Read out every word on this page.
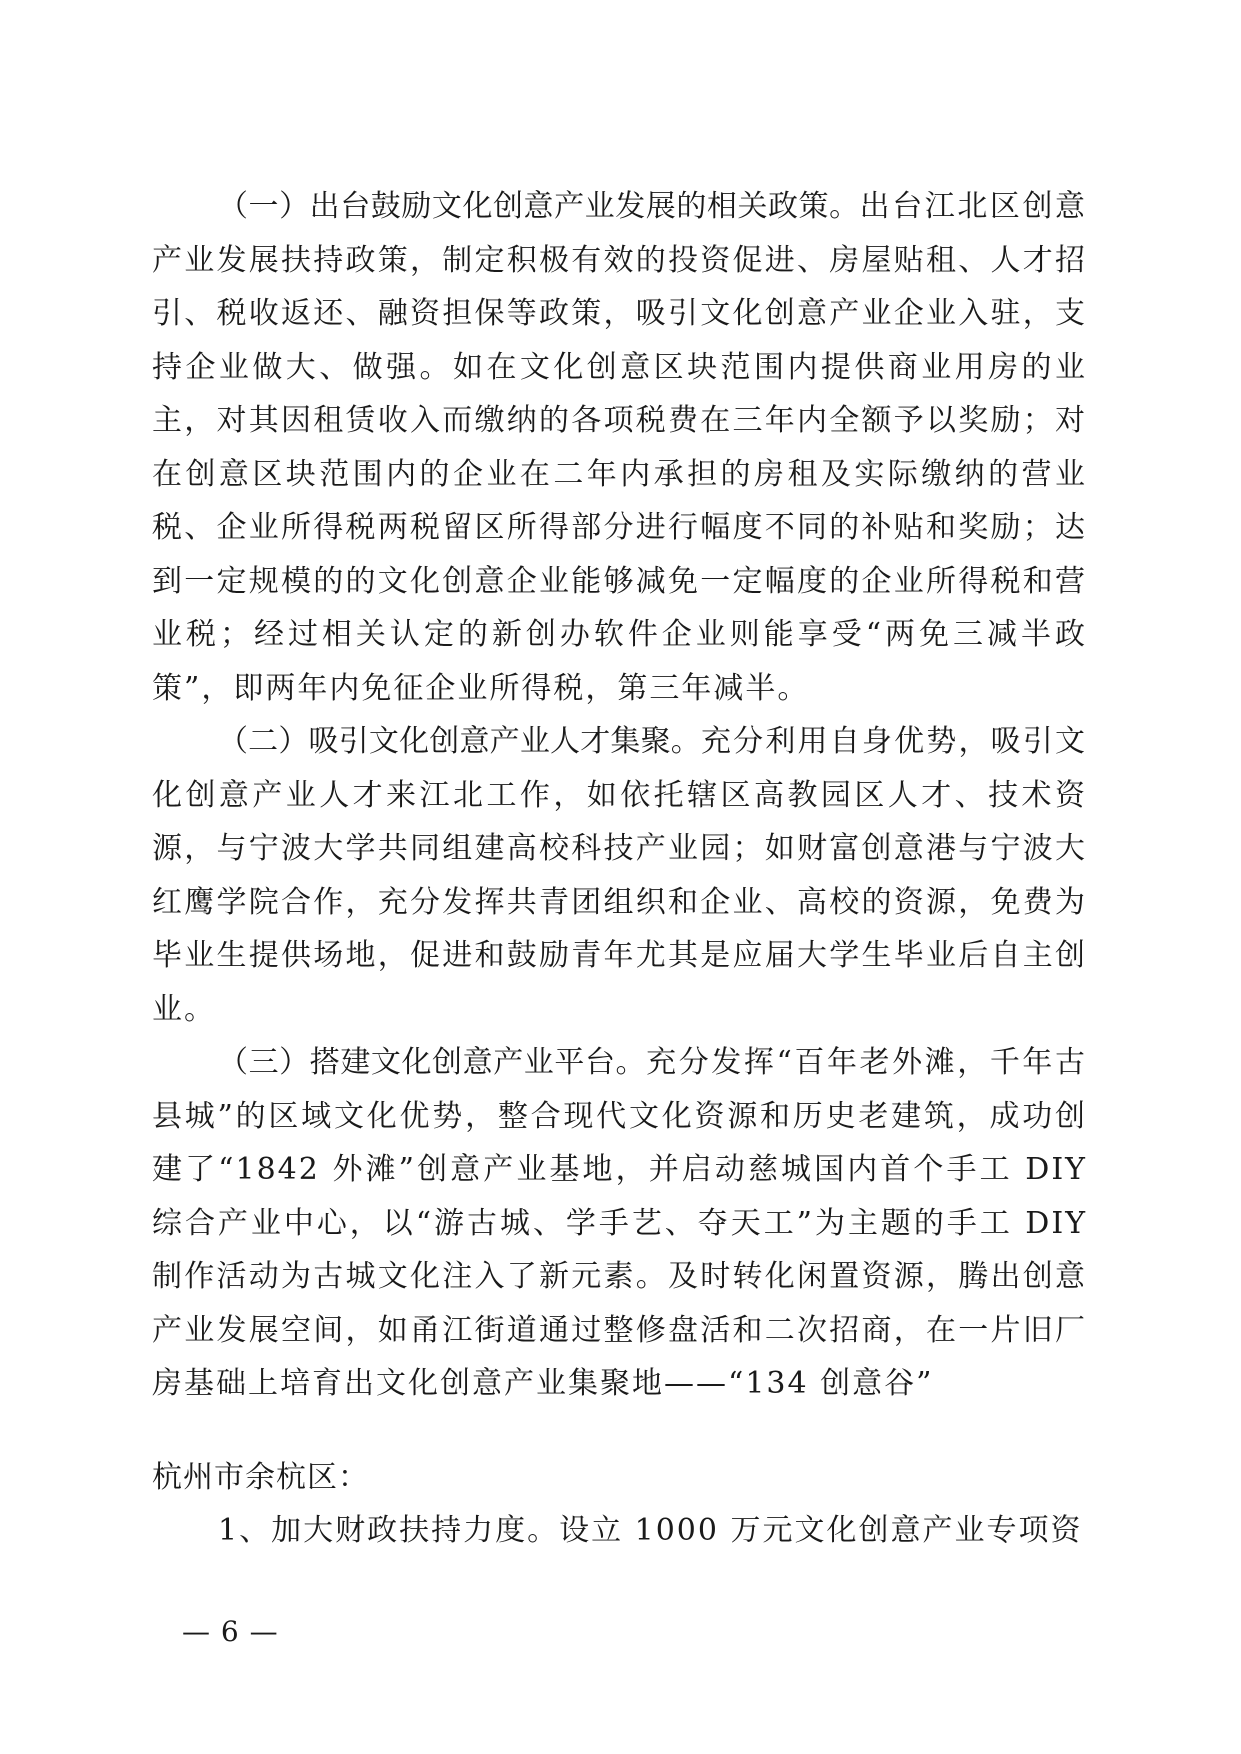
（一）出台鼓励文化创意产业发展的相关政策。出台江北区创意产业发展扶持政策，制定积极有效的投资促进、房屋贴租、人才招引、税收返还、融资担保等政策，吸引文化创意产业企业入驻，支持企业做大、做强。如在文化创意区块范围内提供商业用房的业主，对其因租赁收入而缴纳的各项税费在三年内全额予以奖励；对在创意区块范围内的企业在二年内承担的房租及实际缴纳的营业税、企业所得税两税留区所得部分进行幅度不同的补贴和奖励；达到一定规模的的文化创意企业能够减免一定幅度的企业所得税和营业税；经过相关认定的新创办软件企业则能享受“两免三减半政策”，即两年内免征企业所得税，第三年减半。

（二）吸引文化创意产业人才集聚。充分利用自身优势，吸引文化创意产业人才来江北工作，如依托辖区高教园区人才、技术资源，与宁波大学共同组建高校科技产业园；如财富创意港与宁波大红鹰学院合作，充分发挥共青团组织和企业、高校的资源，免费为毕业生提供场地，促进和鼓励青年尤其是应届大学生毕业后自主创业。

（三）搭建文化创意产业平台。充分发挥“百年老外滩，千年古县城”的区域文化优势，整合现代文化资源和历史老建筑，成功创建了“1842 外滩”创意产业基地，并启动慈城国内首个手工 DIY 综合产业中心，以“游古城、学手艺、夺天工”为主题的手工 DIY 制作活动为古城文化注入了新元素。及时转化闲置资源，腾出创意产业发展空间，如甬江街道通过整修盘活和二次招商，在一片旧厂房基础上培育出文化创意产业集聚地——“134 创意谷”

杭州市余杭区：

1、加大财政扶持力度。设立 1000 万元文化创意产业专项资

— 6 —
